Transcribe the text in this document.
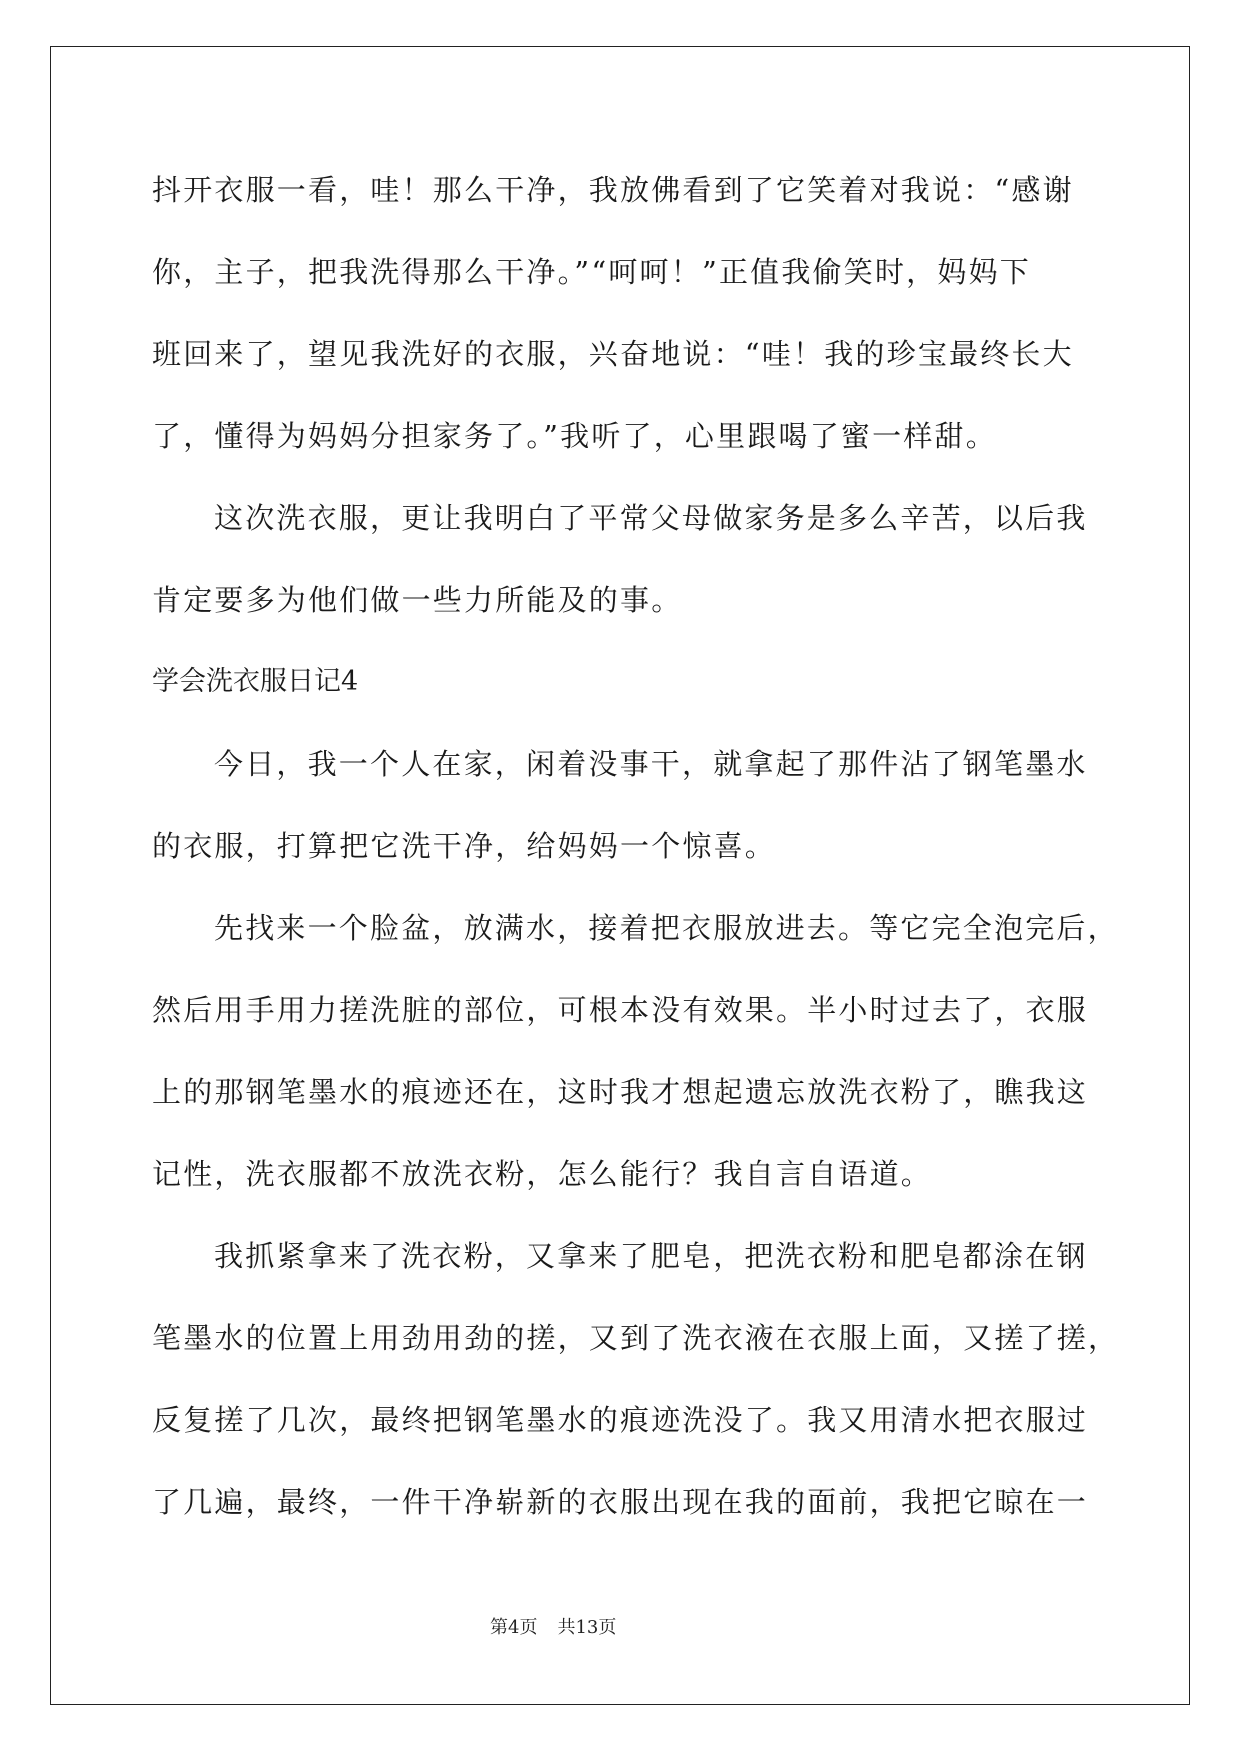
抖开衣服一看，哇！那么干净，我放佛看到了它笑着对我说：“感谢
你，主子，把我洗得那么干净。”“呵呵！”正值我偷笑时，妈妈下
班回来了，望见我洗好的衣服，兴奋地说：“哇！我的珍宝最终长大
了，懂得为妈妈分担家务了。”我听了，心里跟喝了蜜一样甜。
这次洗衣服，更让我明白了平常父母做家务是多么辛苦，以后我
肯定要多为他们做一些力所能及的事。
学会洗衣服日记4
今日，我一个人在家，闲着没事干，就拿起了那件沾了钢笔墨水
的衣服，打算把它洗干净，给妈妈一个惊喜。
先找来一个脸盆，放满水，接着把衣服放进去。等它完全泡完后，
然后用手用力搓洗脏的部位，可根本没有效果。半小时过去了，衣服
上的那钢笔墨水的痕迹还在，这时我才想起遗忘放洗衣粉了，瞧我这
记性，洗衣服都不放洗衣粉，怎么能行？我自言自语道。
我抓紧拿来了洗衣粉，又拿来了肥皂，把洗衣粉和肥皂都涂在钢
笔墨水的位置上用劲用劲的搓，又到了洗衣液在衣服上面，又搓了搓，
反复搓了几次，最终把钢笔墨水的痕迹洗没了。我又用清水把衣服过
了几遍，最终，一件干净崭新的衣服出现在我的面前，我把它晾在一
第4页 共13页
